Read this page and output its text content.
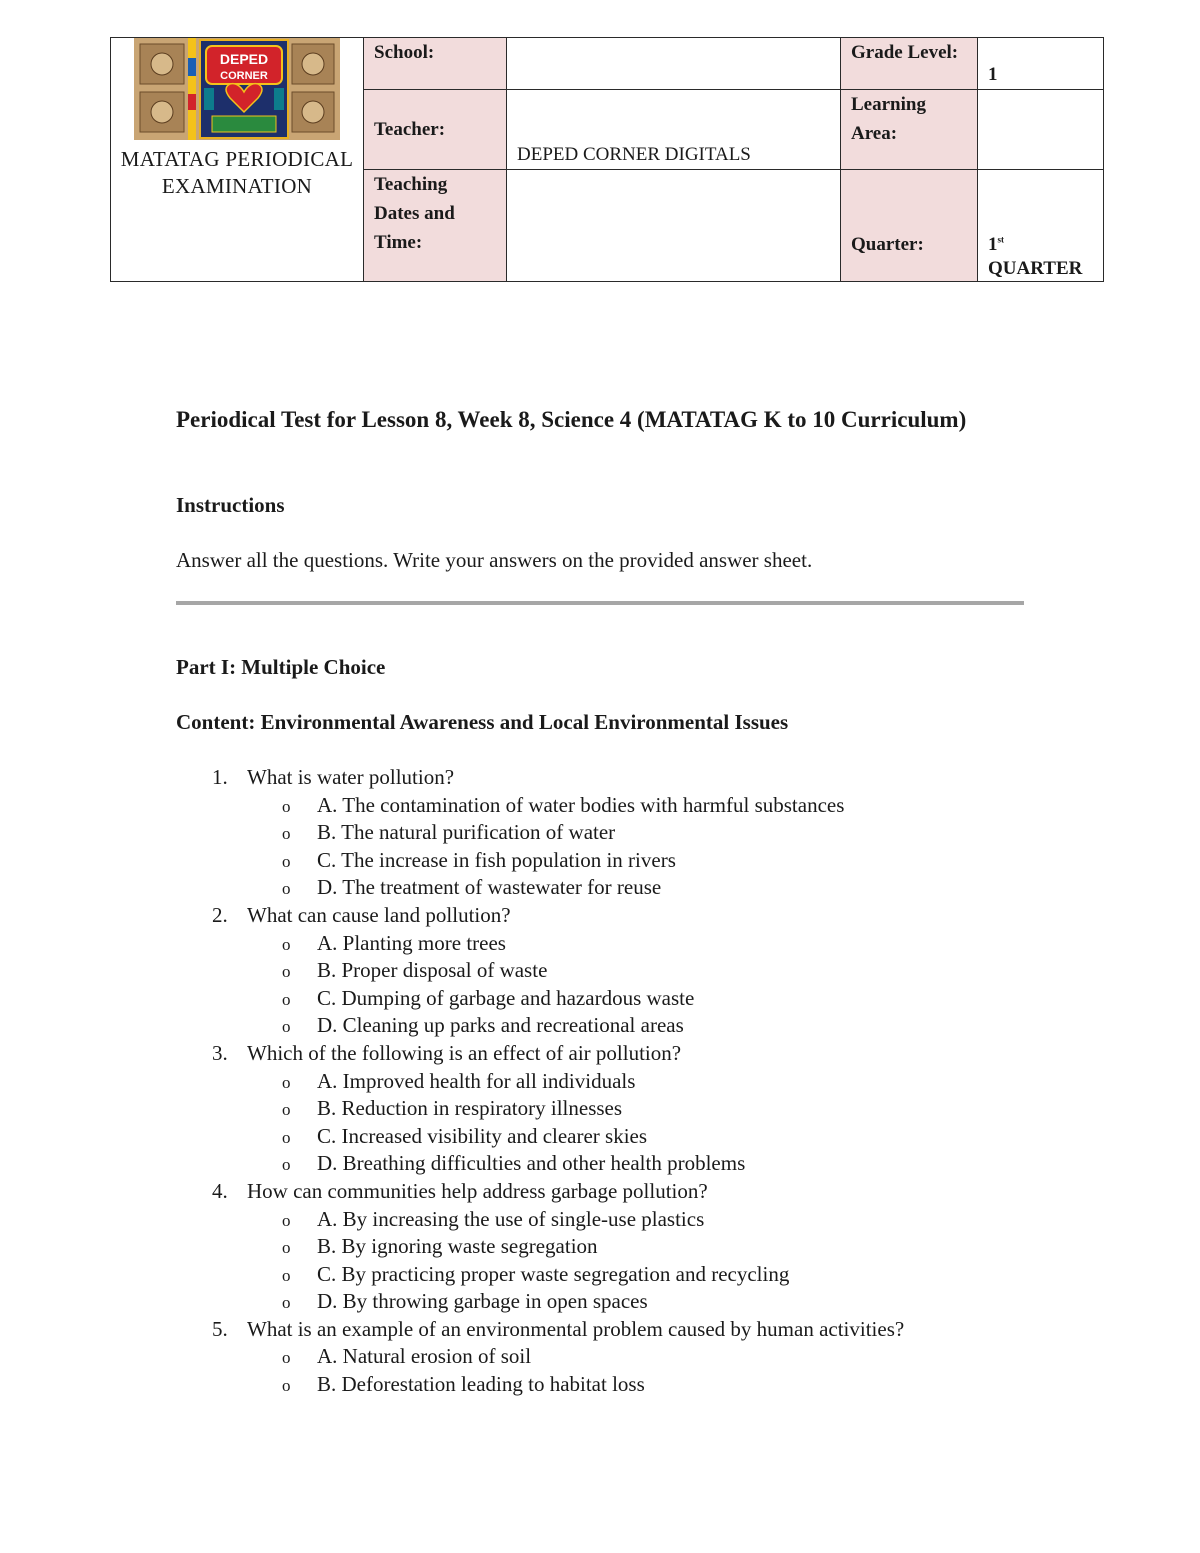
DEPED
CORNER
MATATAG PERIODICAL EXAMINATION	School:		Grade Level:	1
	Teacher:	DEPED CORNER DIGITALS	Learning Area:	
	Teaching Dates and Time:		Quarter:	1st
QUARTER
Periodical Test for Lesson 8, Week 8, Science 4 (MATATAG K to 10 Curriculum)
Instructions
Answer all the questions. Write your answers on the provided answer sheet.
Part I: Multiple Choice
Content: Environmental Awareness and Local Environmental Issues
1. What is water pollution?
o A. The contamination of water bodies with harmful substances
o B. The natural purification of water
o C. The increase in fish population in rivers
o D. The treatment of wastewater for reuse
2. What can cause land pollution?
o A. Planting more trees
o B. Proper disposal of waste
o C. Dumping of garbage and hazardous waste
o D. Cleaning up parks and recreational areas
3. Which of the following is an effect of air pollution?
o A. Improved health for all individuals
o B. Reduction in respiratory illnesses
o C. Increased visibility and clearer skies
o D. Breathing difficulties and other health problems
4. How can communities help address garbage pollution?
o A. By increasing the use of single-use plastics
o B. By ignoring waste segregation
o C. By practicing proper waste segregation and recycling
o D. By throwing garbage in open spaces
5. What is an example of an environmental problem caused by human activities?
o A. Natural erosion of soil
o B. Deforestation leading to habitat loss
